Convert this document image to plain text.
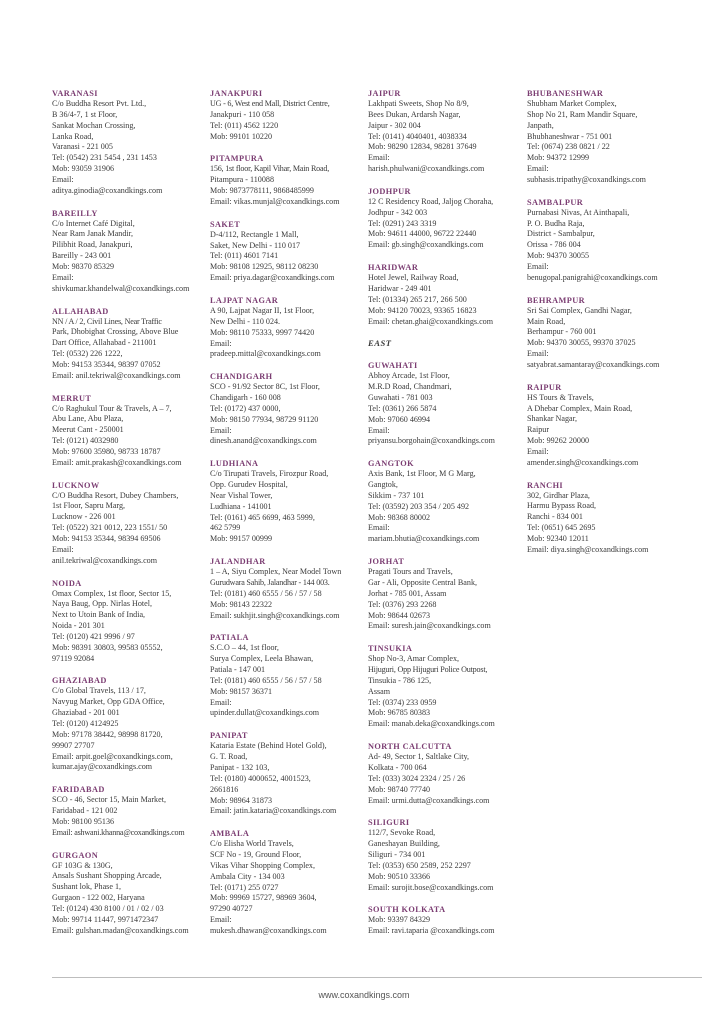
VARANASI
C/o Buddha Resort Pvt. Ltd.,
B 36/4-7, 1 st Floor,
Sankat Mochan Crossing,
Lanka Road,
Varanasi - 221 005
Tel: (0542) 231 5454 , 231 1453
Mob: 93059 31906
Email:
aditya.ginodia@coxandkings.com
BAREILLY
C/o Internet Café Digital,
Near Ram Janak Mandir,
Pilibhit Road, Janakpuri,
Bareilly - 243 001
Mob: 98370 85329
Email:
shivkumar.khandelwal@coxandkings.com
ALLAHABAD
NN / A / 2, Civil Lines, Near Traffic
Park, Dhobighat Crossing, Above Blue
Dart Office, Allahabad - 211001
Tel: (0532) 226 1222,
Mob: 94153 35344, 98397 07052
Email: anil.tekriwal@coxandkings.com
MERRUT
C/o Raghukul Tour & Travels, A – 7,
Abu Lane, Abu Plaza,
Meerut Cant - 250001
Tel: (0121) 4032980
Mob: 97600 35980, 98733 18787
Email: amit.prakash@coxandkings.com
LUCKNOW
C/O Buddha Resort, Dubey Chambers,
1st Floor, Sapru Marg,
Lucknow - 226 001
Tel: (0522) 321 0012, 223 1551/ 50
Mob: 94153 35344, 98394 69506
Email:
anil.tekriwal@coxandkings.com
NOIDA
Omax Complex, 1st floor, Sector 15,
Naya Baug, Opp. Nirlas Hotel,
Next to Utoin Bank of India,
Noida - 201 301
Tel: (0120) 421 9996 / 97
Mob: 98391 30803, 99583 05552,
97119 92084
GHAZIABAD
C/o Global Travels, 113 / 17,
Navyug Market, Opp GDA Office,
Ghaziabad - 201 001
Tel: (0120) 4124925
Mob: 97178 38442, 98998 81720,
99907 27707
Email: arpit.goel@coxandkings.com,
kumar.ajay@coxandkings.com
FARIDABAD
SCO - 46, Sector 15, Main Market,
Faridabad - 121 002
Mob: 98100 95136
Email: ashwani.khanna@coxandkings.com
GURGAON
GF 103G & 130G,
Ansals Sushant Shopping Arcade,
Sushant lok, Phase 1,
Gurgaon - 122 002, Haryana
Tel: (0124) 430 8100 / 01 / 02 / 03
Mob: 99714 11447, 9971472347
Email: gulshan.madan@coxandkings.com
JANAKPURI
UG - 6, West end Mall, District Centre,
Janakpuri - 110 058
Tel: (011) 4562 1220
Mob: 99101 10220
PITAMPURA
156, 1st floor, Kapil Vihar, Main Road,
Pitampura - 110088
Mob: 9873778111, 9868485999
Email: vikas.munjal@coxandkings.com
SAKET
D-4/112, Rectangle 1 Mall,
Saket, New Delhi - 110 017
Tel: (011) 4601 7141
Mob: 98108 12925, 98112 08230
Email: priya.dagar@coxandkings.com
LAJPAT NAGAR
A 90, Lajpat Nagar II, 1st Floor,
New Delhi - 110 024.
Mob: 98110 75333, 9997 74420
Email:
pradeep.mittal@coxandkings.com
CHANDIGARH
SCO - 91/92 Sector 8C, 1st Floor,
Chandigarh - 160 008
Tel: (0172) 437 0000,
Mob: 98150 77934, 98729 91120
Email:
dinesh.anand@coxandkings.com
LUDHIANA
C/o Tirupati Travels, Firozpur Road,
Opp. Gurudev Hospital,
Near Vishal Tower,
Ludhiana - 141001
Tel: (0161) 465 6699, 463 5999,
462 5799
Mob: 99157 00999
JALANDHAR
1 – A, Siyu Complex, Near Model Town
Gurudwara Sahib, Jalandhar - 144 003.
Tel: (0181) 460 6555 / 56 / 57 / 58
Mob: 98143 22322
Email: sukhjit.singh@coxandkings.com
PATIALA
S.C.O – 44, 1st floor,
Surya Complex, Leela Bhawan,
Patiala - 147 001
Tel: (0181) 460 6555 / 56 / 57 / 58
Mob: 98157 36371
Email:
upinder.dullat@coxandkings.com
PANIPAT
Kataria Estate (Behind Hotel Gold),
G. T. Road,
Panipat - 132 103,
Tel: (0180) 4000652, 4001523,
2661816
Mob: 98964 31873
Email: jatin.kataria@coxandkings.com
AMBALA
C/o Elisha World Travels,
SCF No - 19, Ground Floor,
Vikas Vihar Shopping Complex,
Ambala City - 134 003
Tel: (0171) 255 0727
Mob: 99969 15727, 98969 3604,
97290 40727
Email:
mukesh.dhawan@coxandkings.com
JAIPUR
Lakhpati Sweets, Shop No 8/9,
Bees Dukan, Ardarsh Nagar,
Jaipur - 302 004
Tel: (0141) 4040401, 4038334
Mob: 98290 12834, 98281 37649
Email:
harish.phulwani@coxandkings.com
JODHPUR
12 C Residency Road, Jaljog Choraha,
Jodhpur - 342 003
Tel: (0291) 243 3319
Mob: 94611 44000, 96722 22440
Email: gb.singh@coxandkings.com
HARIDWAR
Hotel Jewel, Railway Road,
Haridwar - 249 401
Tel: (01334) 265 217, 266 500
Mob: 94120 70023, 93365 16823
Email: chetan.ghai@coxandkings.com
EAST
GUWAHATI
Abhoy Arcade, 1st Floor,
M.R.D Road, Chandmari,
Guwahati - 781 003
Tel: (0361) 266 5874
Mob: 97060 46994
Email:
priyansu.borgohain@coxandkings.com
GANGTOK
Axis Bank, 1st Floor, M G Marg,
Gangtok,
Sikkim - 737 101
Tel: (03592) 203 354 / 205 492
Mob: 98368 80002
Email:
mariam.bhutia@coxandkings.com
JORHAT
Pragati Tours and Travels,
Gar - Ali, Opposite Central Bank,
Jorhat - 785 001, Assam
Tel: (0376) 293 2268
Mob: 98644 02673
Email: suresh.jain@coxandkings.com
TINSUKIA
Shop No-3, Amar Complex,
Hijuguri, Opp Hijuguri Police Outpost,
Tinsukia - 786 125,
Assam
Tel: (0374) 233 0959
Mob: 96785 80383
Email: manab.deka@coxandkings.com
NORTH CALCUTTA
Ad- 49, Sector 1, Saltlake City,
Kolkata - 700 064
Tel: (033) 3024 2324 / 25 / 26
Mob: 98740 77740
Email: urmi.dutta@coxandkings.com
SILIGURI
112/7, Sevoke Road,
Ganeshayan Building,
Siliguri - 734 001
Tel: (0353) 650 2589, 252 2297
Mob: 90510 33366
Email: surojit.bose@coxandkings.com
SOUTH KOLKATA
Mob: 93397 84329
Email: ravi.taparia @coxandkings.com
BHUBANESHWAR
Shubham Market Complex,
Shop No 21, Ram Mandir Square,
Janpath,
Bhubhaneshwar - 751 001
Tel: (0674) 238 0821 / 22
Mob: 94372 12999
Email:
subhasis.tripathy@coxandkings.com
SAMBALPUR
Purnabasi Nivas, At Ainthapali,
P. O. Budha Raja,
District - Sambalpur,
Orissa - 786 004
Mob: 94370 30055
Email:
benugopal.panigrahi@coxandkings.com
BEHRAMPUR
Sri Sai Complex, Gandhi Nagar,
Main Road,
Berhampur - 760 001
Mob: 94370 30055, 99370 37025
Email:
satyabrat.samantaray@coxandkings.com
RAIPUR
HS Tours & Travels,
A Dhebar Complex, Main Road,
Shankar Nagar,
Raipur
Mob: 99262 20000
Email:
amender.singh@coxandkings.com
RANCHI
302, Girdhar Plaza,
Harmu Bypass Road,
Ranchi - 834 001
Tel: (0651) 645 2695
Mob: 92340 12011
Email: diya.singh@coxandkings.com
www.coxandkings.com
